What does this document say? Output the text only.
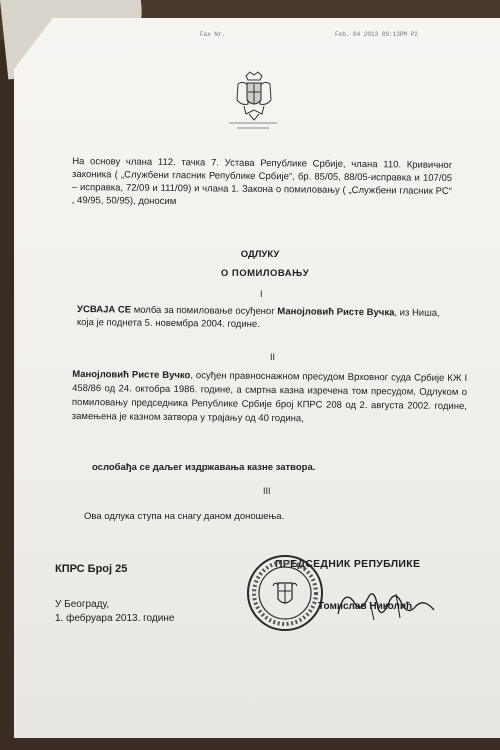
Fax Nr.	Feb. 04 2013 09:13PM P2
На основу члана 112. тачка 7. Устава Републике Србије, члана 110. Кривичног законика ( „Службени гласник Републике Србије“, бр. 85/05, 88/05-исправка и 107/05 – исправка, 72/09 и 111/09) и члана 1. Закона о помиловању ( „Службени гласник РС“ , 49/95, 50/95), доносим
ОДЛУКУ
О ПОМИЛОВАЊУ
I
УСВАЈА СЕ молба за помиловање осуђеног Манојловић Ристе Вучка, из Ниша, која је поднета 5. новембра 2004. године.
II
Манојловић Ристе Вучко, осуђен правноснажном пресудом Врховног суда Србије КЖ I 458/86 од 24. октобра 1986. године, а смртна казна изречена том пресудом, Одлуком о помиловању председника Републике Србије број КПРС 208 од 2. августа 2002. године, замењена је казном затвора у трајању од 40 година,
ослобађа се даљег издржавања казне затвора.
III
Ова одлука ступа на снагу даном доношења.
КПРС Број 25	ПРЕДСЕДНИК РЕПУБЛИКЕ
У Београду,
1. фебруара 2013. године
Томислав Николић
